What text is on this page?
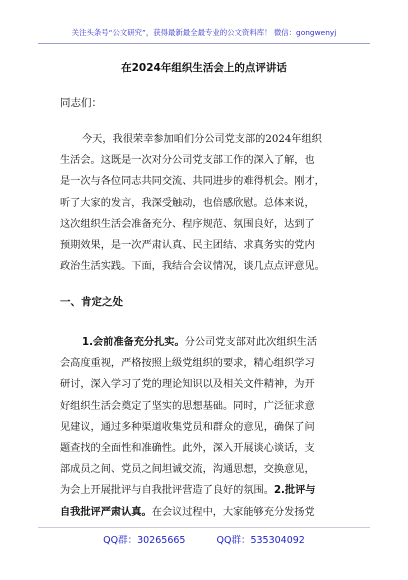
关注头条号“公文研究”，获得最新最全最专业的公文资料库！ 微信：gongwenyj
在2024年组织生活会上的点评讲话
同志们：
今天，我很荣幸参加咱们分公司党支部的2024年组织
生活会。这既是一次对分公司党支部工作的深入了解，也
是一次与各位同志共同交流、共同进步的难得机会。刚才，
听了大家的发言，我深受触动，也倍感欣慰。总体来说，
这次组织生活会准备充分、程序规范、氛围良好，达到了
预期效果，是一次严肃认真、民主团结、求真务实的党内
政治生活实践。下面，我结合会议情况，谈几点点评意见。
一、肯定之处
1.会前准备充分扎实。分公司党支部对此次组织生活
会高度重视，严格按照上级党组织的要求，精心组织学习
研讨，深入学习了党的理论知识以及相关文件精神，为开
好组织生活会奠定了坚实的思想基础。同时，广泛征求意
见建议，通过多种渠道收集党员和群众的意见，确保了问
题查找的全面性和准确性。此外，深入开展谈心谈话，支
部成员之间、党员之间坦诚交流，沟通思想，交换意见，
为会上开展批评与自我批评营造了良好的氛围。2.批评与
自我批评严肃认真。在会议过程中，大家能够充分发扬党
QQ群：30265665	QQ群：535304092
